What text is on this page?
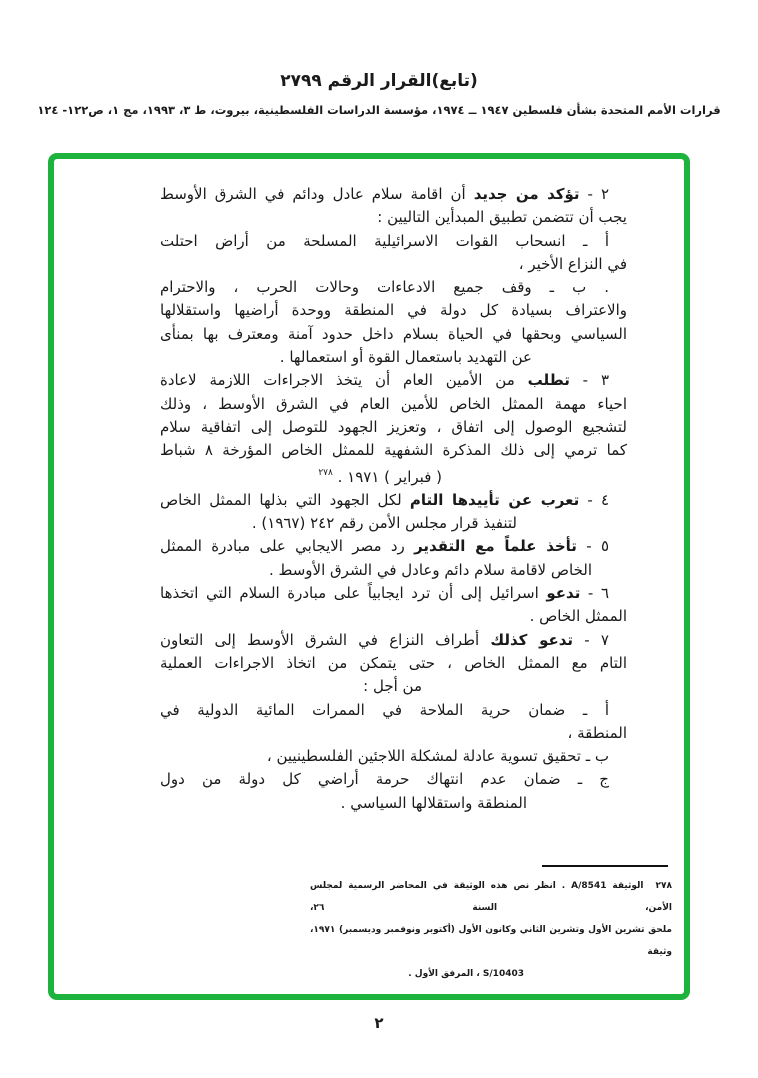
(تابع)القرار الرقم ٢٧٩٩
قرارات الأمم المتحدة بشأن فلسطين ١٩٤٧ ــ ١٩٧٤، مؤسسة الدراسات الفلسطينية، بيروت، ط ٣، ١٩٩٣، مج ١، ص١٢٢- ١٢٤
٢ - تؤكد من جديد أن اقامة سلام عادل ودائم في الشرق الأوسط
يجب أن تتضمن تطبيق المبدأين التاليين :
أ ـ انسحاب القوات الاسرائيلية المسلحة من أراض احتلت
في النزاع الأخير ،
. ب ـ وقف جميع الادعاءات وحالات الحرب ، والاحترام
والاعتراف بسيادة كل دولة في المنطقة ووحدة أراضيها واستقلالها
السياسي وبحقها في الحياة بسلام داخل حدود آمنة ومعترف بها بمنأى
عن التهديد باستعمال القوة أو استعمالها .
٣ - تطلب من الأمين العام أن يتخذ الاجراءات اللازمة لاعادة
احياء مهمة الممثل الخاص للأمين العام في الشرق الأوسط ، وذلك
لتشجيع الوصول إلى اتفاق ، وتعزيز الجهود للتوصل إلى اتفاقية سلام
كما ترمي إلى ذلك المذكرة الشفهية للممثل الخاص المؤرخة ٨ شباط
( فبراير ) ١٩٧١ . $^{٢٧٨}$
٤ - تعرب عن تأييدها التام لكل الجهود التي بذلها الممثل الخاص
لتنفيذ قرار مجلس الأمن رقم ٢٤٢ (١٩٦٧) .
٥ - تأخذ علماً مع التقدير رد مصر الايجابي على مبادرة الممثل
الخاص لاقامة سلام دائم وعادل في الشرق الأوسط .
٦ - تدعو اسرائيل إلى أن ترد ايجابياً على مبادرة السلام التي اتخذها
الممثل الخاص .
٧ - تدعو كذلك أطراف النزاع في الشرق الأوسط إلى التعاون
التام مع الممثل الخاص ، حتى يتمكن من اتخاذ الاجراءات العملية
من أجل :
أ ـ ضمان حرية الملاحة في الممرات المائية الدولية في
المنطقة ،
ب ـ تحقيق تسوية عادلة لمشكلة اللاجئين الفلسطينيين ،
ج ـ ضمان عدم انتهاك حرمة أراضي كل دولة من دول
المنطقة واستقلالها السياسي .
٢٧٨الوثيقة A/8541 . انظر نص هذه الوثيقة في المحاضر الرسمية لمجلس الأمن، السنة ٢٦،
ملحق تشرين الأول وتشرين الثاني وكانون الأول (أكتوبر ونوفمبر وديسمبر) ١٩٧١، وثيقة
S/10403 ، المرفق الأول .
٢
